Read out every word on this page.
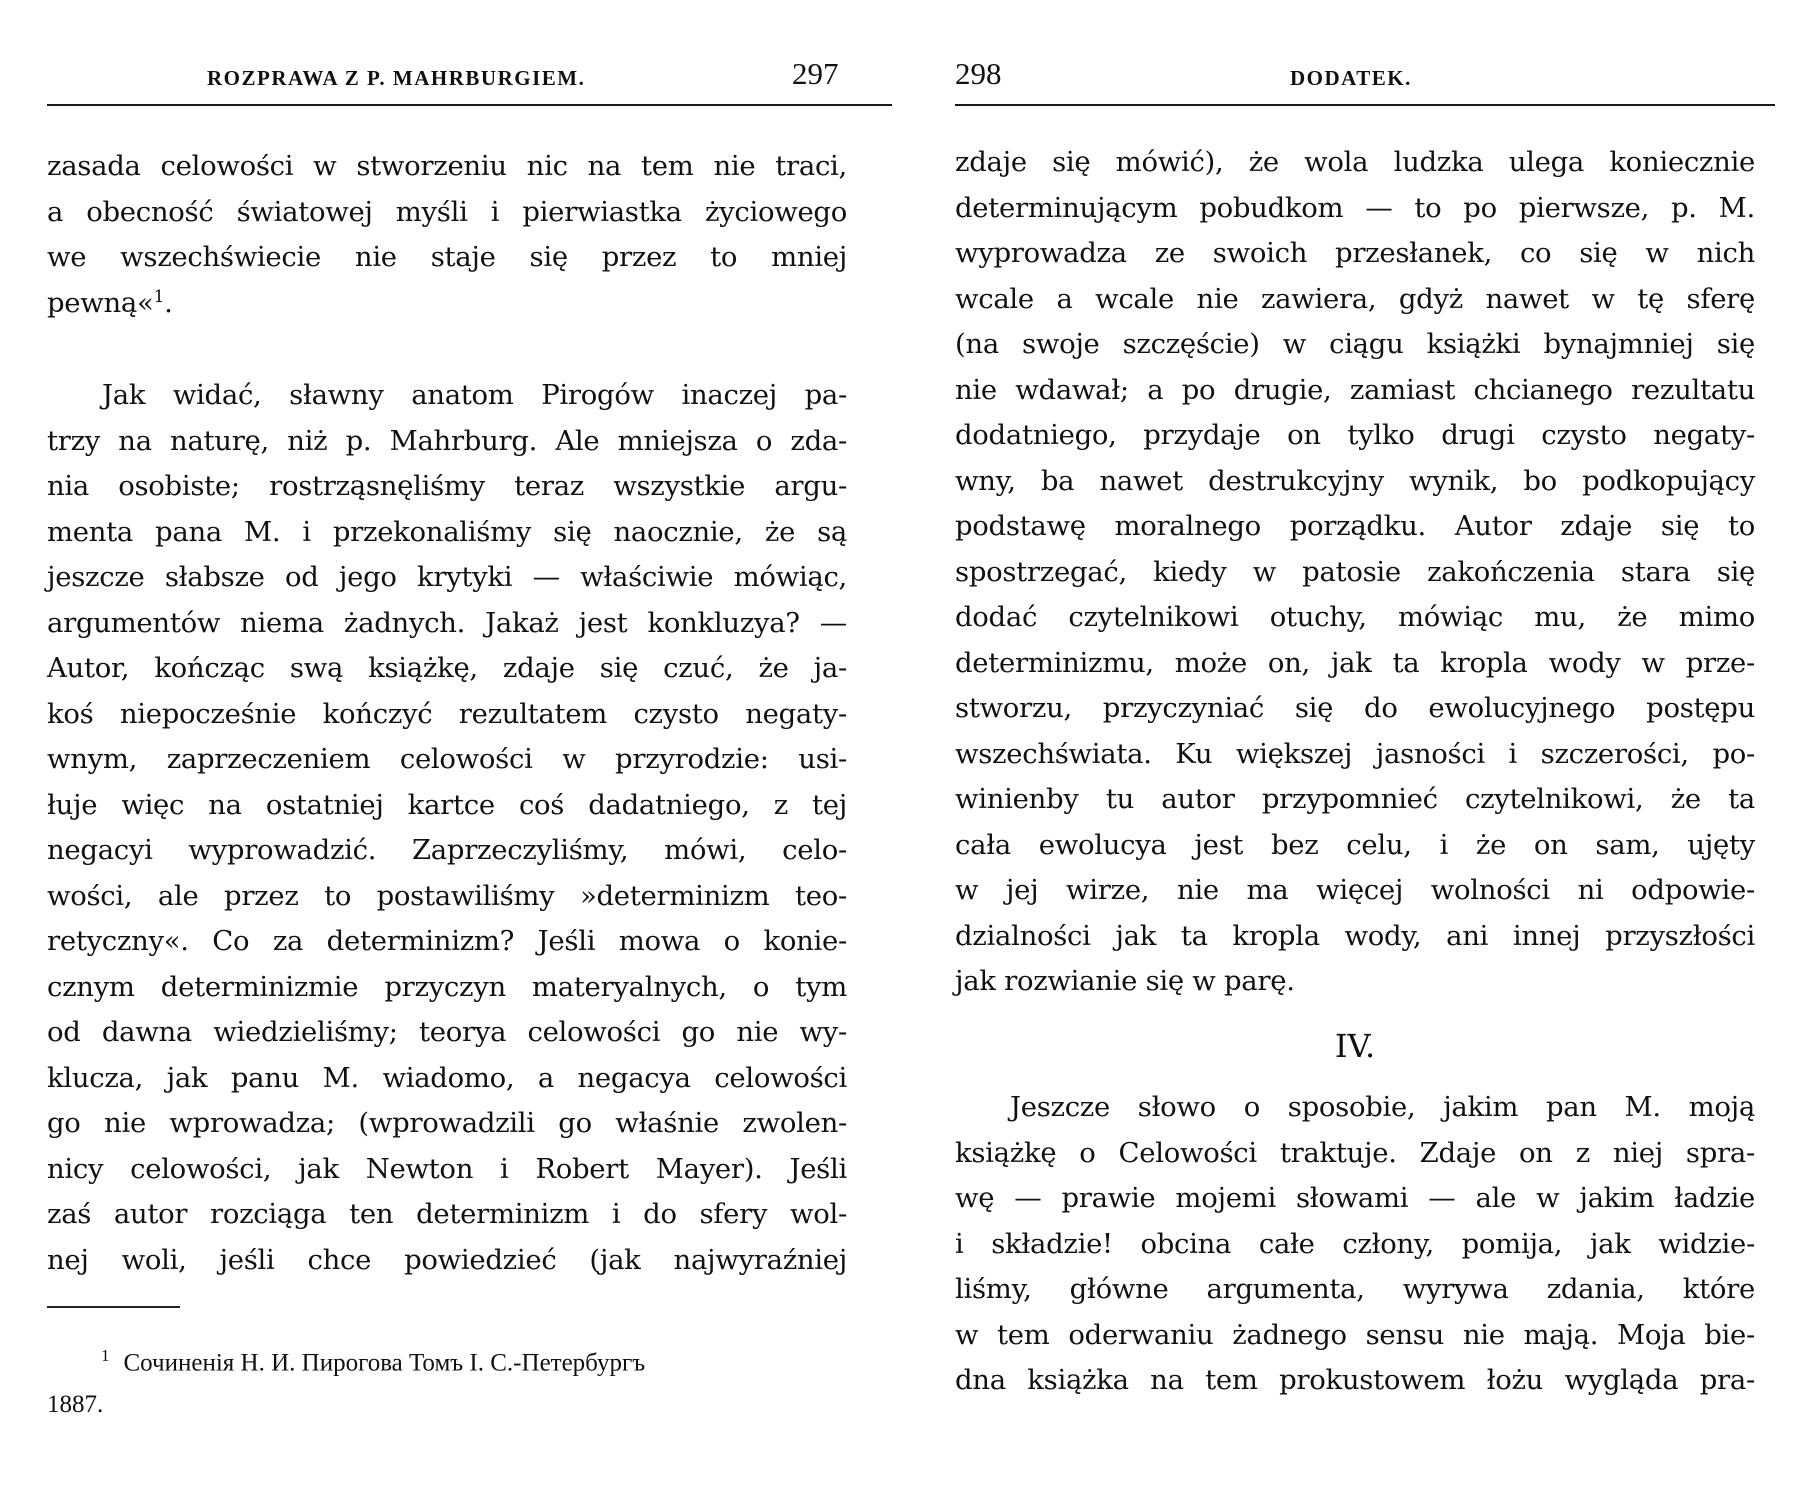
ROZPRAWA Z P. MAHRBURGIEM.	297
zasada celowości w stworzeniu nic na tem nie traci,
a obecność światowej myśli i pierwiastka życiowego
we wszechświecie nie staje się przez to mniej
pewną«$^1$.
Jak widać, sławny anatom Pirogów inaczej pa-
trzy na naturę, niż p. Mahrburg. Ale mniejsza o zda-
nia osobiste; rostrząsnęliśmy teraz wszystkie argu-
menta pana M. i przekonaliśmy się naocznie, że są
jeszcze słabsze od jego krytyki — właściwie mówiąc,
argumentów niema żadnych. Jakaż jest konkluzya? —
Autor, kończąc swą książkę, zdaje się czuć, że ja-
koś niepocześnie kończyć rezultatem czysto negaty-
wnym, zaprzeczeniem celowości w przyrodzie: usi-
łuje więc na ostatniej kartce coś dadatniego, z tej
negacyi wyprowadzić. Zaprzeczyliśmy, mówi, celo-
wości, ale przez to postawiliśmy »determinizm teo-
retyczny«. Co za determinizm? Jeśli mowa o konie-
cznym determinizmie przyczyn materyalnych, o tym
od dawna wiedzieliśmy; teorya celowości go nie wy-
klucza, jak panu M. wiadomo, a negacya celowości
go nie wprowadza; (wprowadzili go właśnie zwolen-
nicy celowości, jak Newton i Robert Mayer). Jeśli
zaś autor rozciąga ten determinizm i do sfery wol-
nej woli, jeśli chce powiedzieć (jak najwyraźniej
$^1$ Сочиненія Н. И. Пирогова Томъ I. С.-Петербургъ
1887.
298	DODATEK.
zdaje się mówić), że wola ludzka ulega koniecznie
determinującym pobudkom — to po pierwsze, p. M.
wyprowadza ze swoich przesłanek, co się w nich
wcale a wcale nie zawiera, gdyż nawet w tę sferę
(na swoje szczęście) w ciągu książki bynajmniej się
nie wdawał; a po drugie, zamiast chcianego rezultatu
dodatniego, przydaje on tylko drugi czysto negaty-
wny, ba nawet destrukcyjny wynik, bo podkopujący
podstawę moralnego porządku. Autor zdaje się to
spostrzegać, kiedy w patosie zakończenia stara się
dodać czytelnikowi otuchy, mówiąc mu, że mimo
determinizmu, może on, jak ta kropla wody w prze-
stworzu, przyczyniać się do ewolucyjnego postępu
wszechświata. Ku większej jasności i szczerości, po-
winienby tu autor przypomnieć czytelnikowi, że ta
cała ewolucya jest bez celu, i że on sam, ujęty
w jej wirze, nie ma więcej wolności ni odpowie-
dzialności jak ta kropla wody, ani innej przyszłości
jak rozwianie się w parę.
IV.
Jeszcze słowo o sposobie, jakim pan M. moją
książkę o Celowości traktuje. Zdaje on z niej spra-
wę — prawie mojemi słowami — ale w jakim ładzie
i składzie! obcina całe człony, pomija, jak widzie-
liśmy, główne argumenta, wyrywa zdania, które
w tem oderwaniu żadnego sensu nie mają. Moja bie-
dna książka na tem prokustowem łożu wygląda pra-
